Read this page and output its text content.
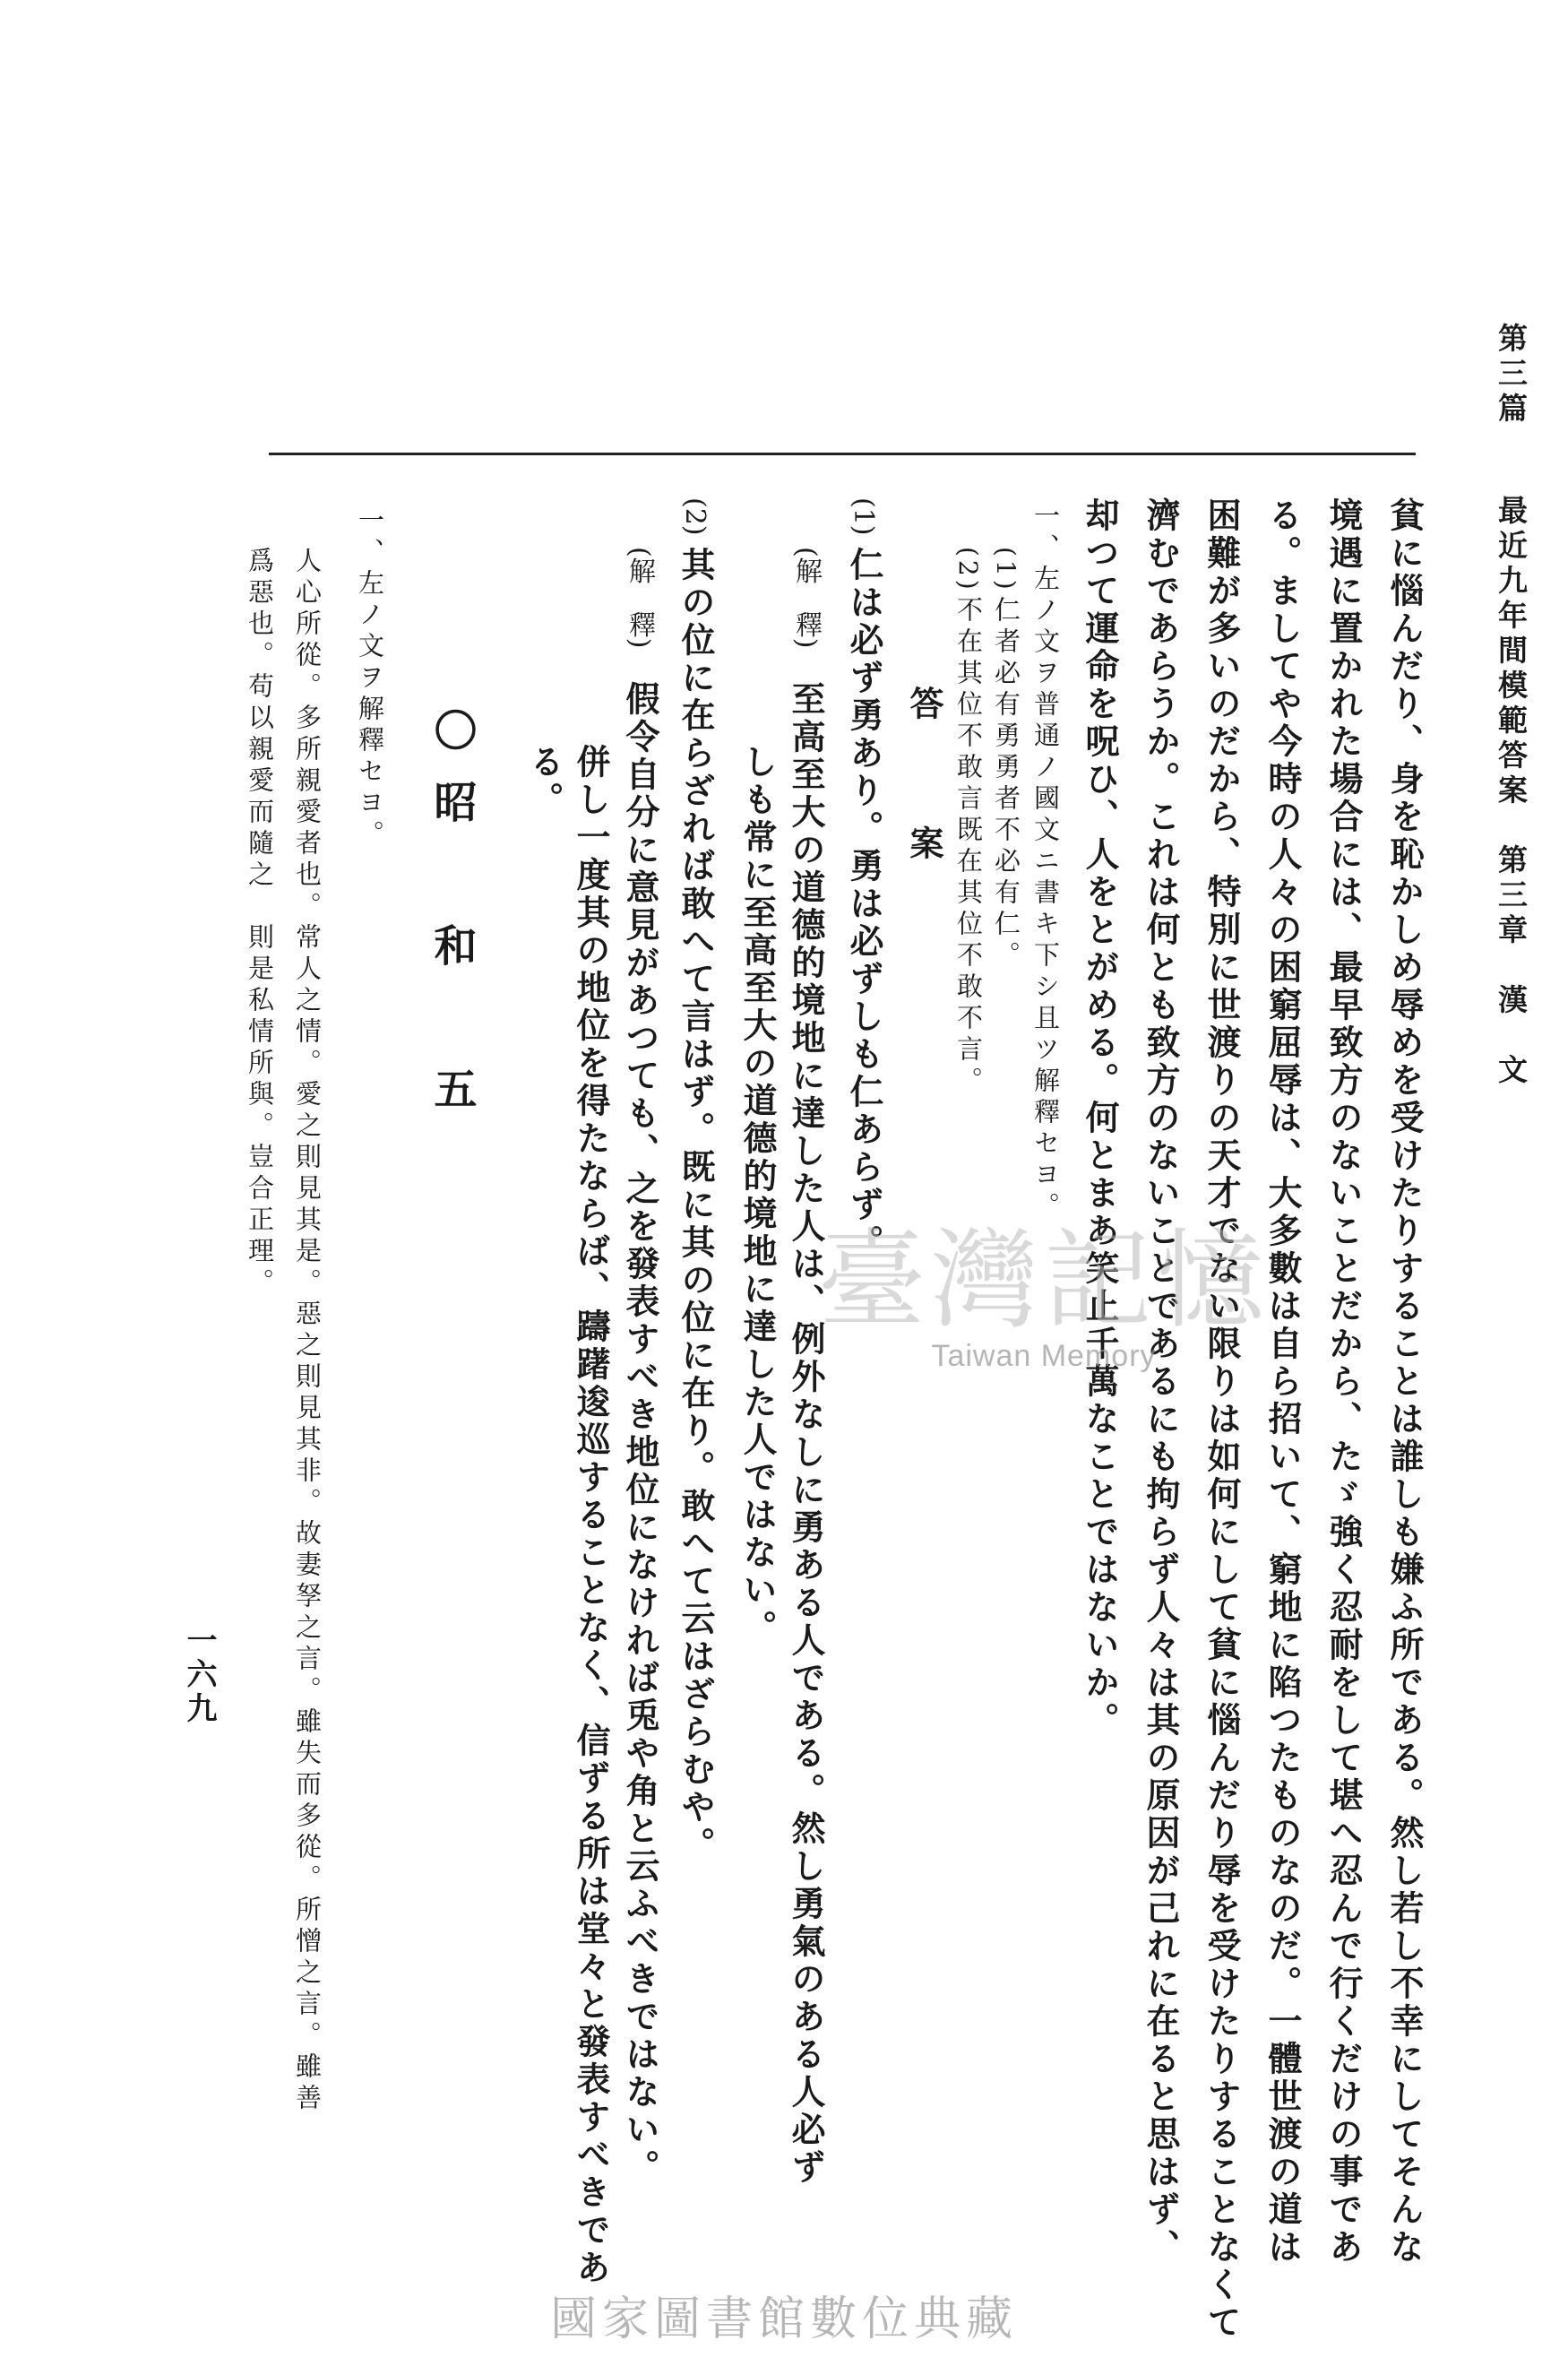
第三篇  最近九年間模範答案　第三章　漢　文
一六九	貧に惱んだり、身を恥かしめ辱めを受けたりすることは誰しも嫌ふ所である。然し若し不幸にしてそんな
境遇に置かれた場合には、最早致方のないことだから、たゞ強く忍耐をして堪へ忍んで行くだけの事であ
る。ましてや今時の人々の困窮屈辱は、大多數は自ら招いて、窮地に陷つたものなのだ。一體世渡の道は
困難が多いのだから、特別に世渡りの天才でない限りは如何にして貧に惱んだり辱を受けたりすることなくて
濟むであらうか。これは何とも致方のないことであるにも拘らず人々は其の原因が己れに在ると思はず、
却つて運命を呪ひ、人をとがめる。何とまあ笑止千萬なことではないか。
一、左ノ文ヲ普通ノ國文ニ書キ下シ且ツ解釋セヨ。
(1)
仁者必有勇勇者不必有仁。
(2)
不在其位不敢言既在其位不敢不言。
答　　案
(1)
仁は必ず勇あり。勇は必ずしも仁あらず。
(解　釋)
至高至大の道德的境地に達した人は、例外なしに勇ある人である。然し勇氣のある人必ず
しも常に至高至大の道德的境地に達した人ではない。
(2)
其の位に在らざれば敢へて言はず。既に其の位に在り。敢へて云はざらむや。
(解　釋)
假令自分に意見があつても、之を發表すべき地位になければ兎や角と云ふべきではない。
併し一度其の地位を得たならば、躊躇逡巡することなく、信ずる所は堂々と發表すべきであ
る。
〇昭　和　五
一、左ノ文ヲ解釋セヨ。
人心所從。多所親愛者也。常人之情。愛之則見其是。惡之則見其非。故妻孥之言。雖失而多從。所憎之言。雖善
爲惡也。苟以親愛而隨之　則是私情所與。豈合正理。	臺灣記憶
Taiwan Memory
國家圖書館數位典藏
